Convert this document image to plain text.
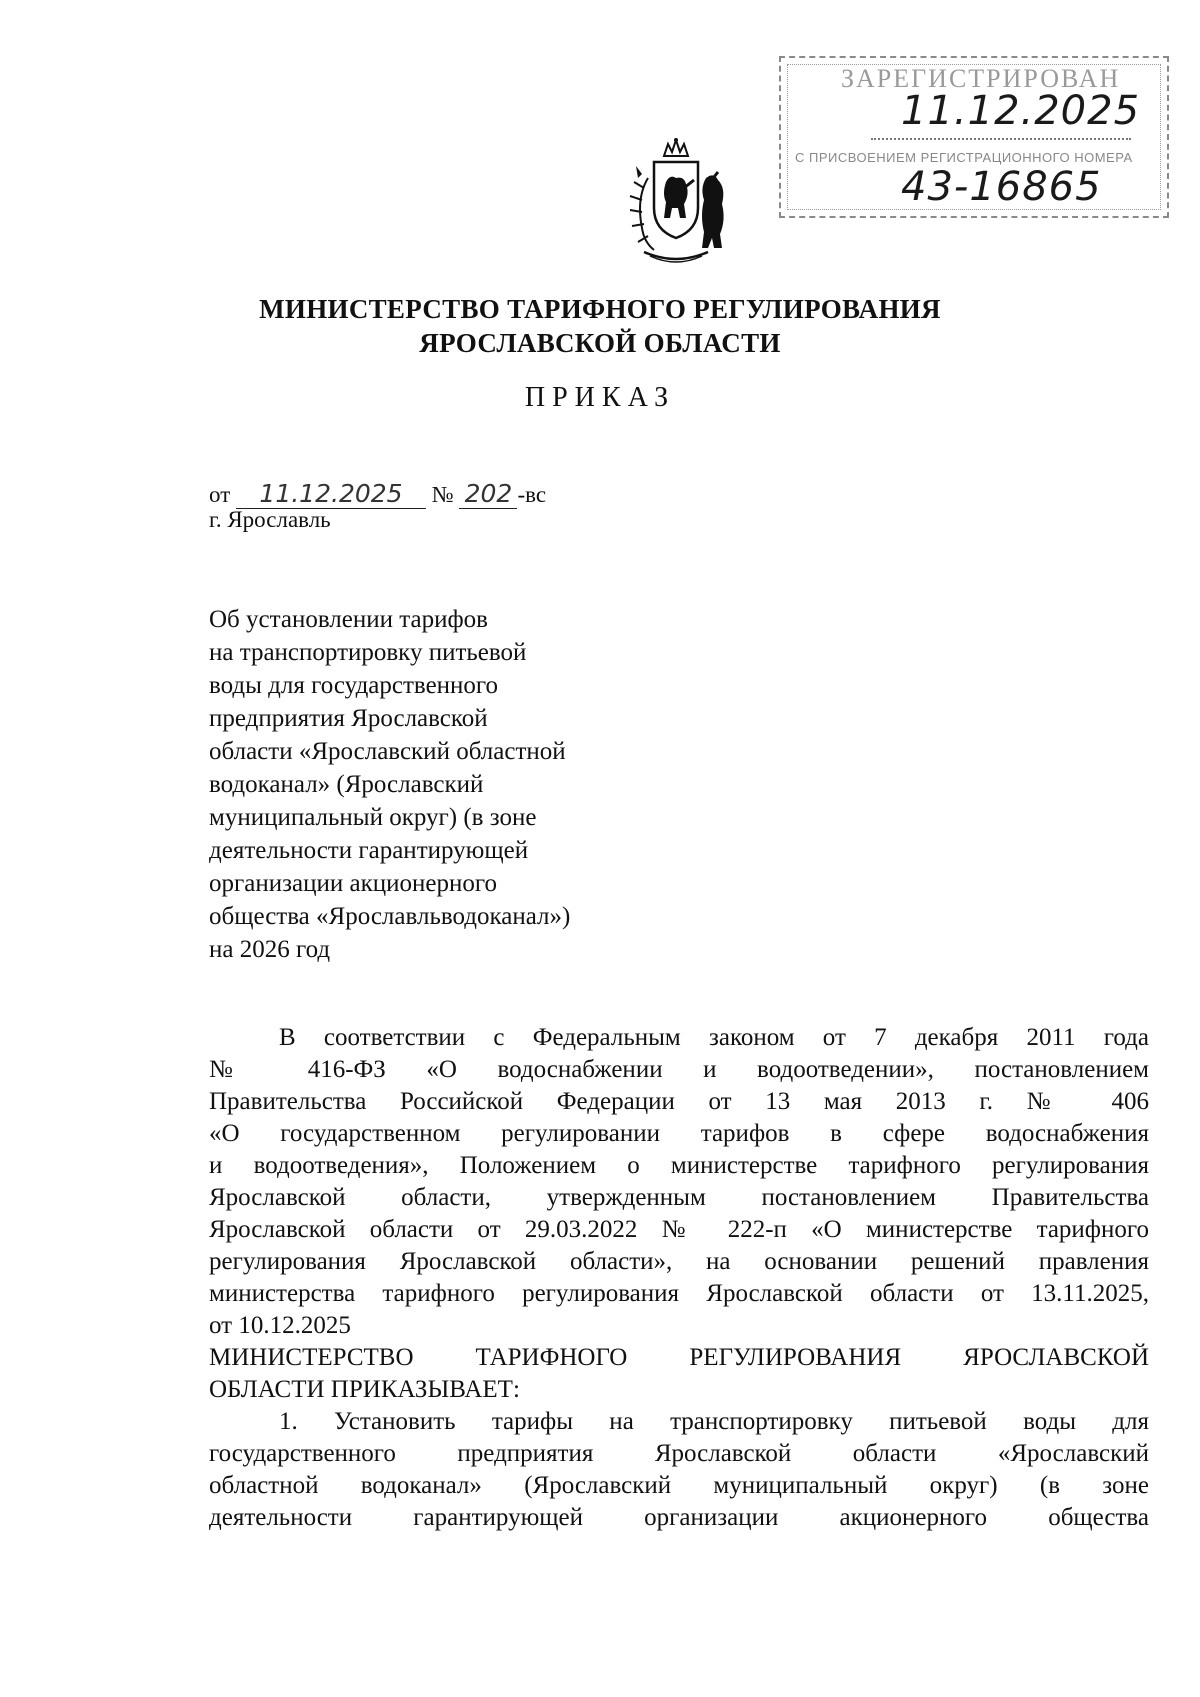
ЗАРЕГИСТРИРОВАН
11.12.2025
С ПРИСВОЕНИЕМ РЕГИСТРАЦИОННОГО НОМЕРА
43-16865
МИНИСТЕРСТВО ТАРИФНОГО РЕГУЛИРОВАНИЯ
ЯРОСЛАВСКОЙ ОБЛАСТИ
ПРИКАЗ
от 11.12.2025 № 202 -вс
г. Ярославль
Об установлении тарифов
на транспортировку питьевой
воды для государственного
предприятия Ярославской
области «Ярославский областной
водоканал» (Ярославский
муниципальный округ) (в зоне
деятельности гарантирующей
организации акционерного
общества «Ярославльводоканал»)
на 2026 год
В соответствии с Федеральным законом от 7 декабря 2011 года
№ 416-ФЗ «О водоснабжении и водоотведении», постановлением
Правительства Российской Федерации от 13 мая 2013 г. № 406
«О государственном регулировании тарифов в сфере водоснабжения
и водоотведения», Положением о министерстве тарифного регулирования
Ярославской области, утвержденным постановлением Правительства
Ярославской области от 29.03.2022 № 222-п «О министерстве тарифного
регулирования Ярославской области», на основании решений правления
министерства тарифного регулирования Ярославской области от 13.11.2025,
от 10.12.2025
МИНИСТЕРСТВО ТАРИФНОГО РЕГУЛИРОВАНИЯ ЯРОСЛАВСКОЙ
ОБЛАСТИ ПРИКАЗЫВАЕТ:
1. Установить тарифы на транспортировку питьевой воды для
государственного предприятия Ярославской области «Ярославский
областной водоканал» (Ярославский муниципальный округ) (в зоне
деятельности гарантирующей организации акционерного общества
